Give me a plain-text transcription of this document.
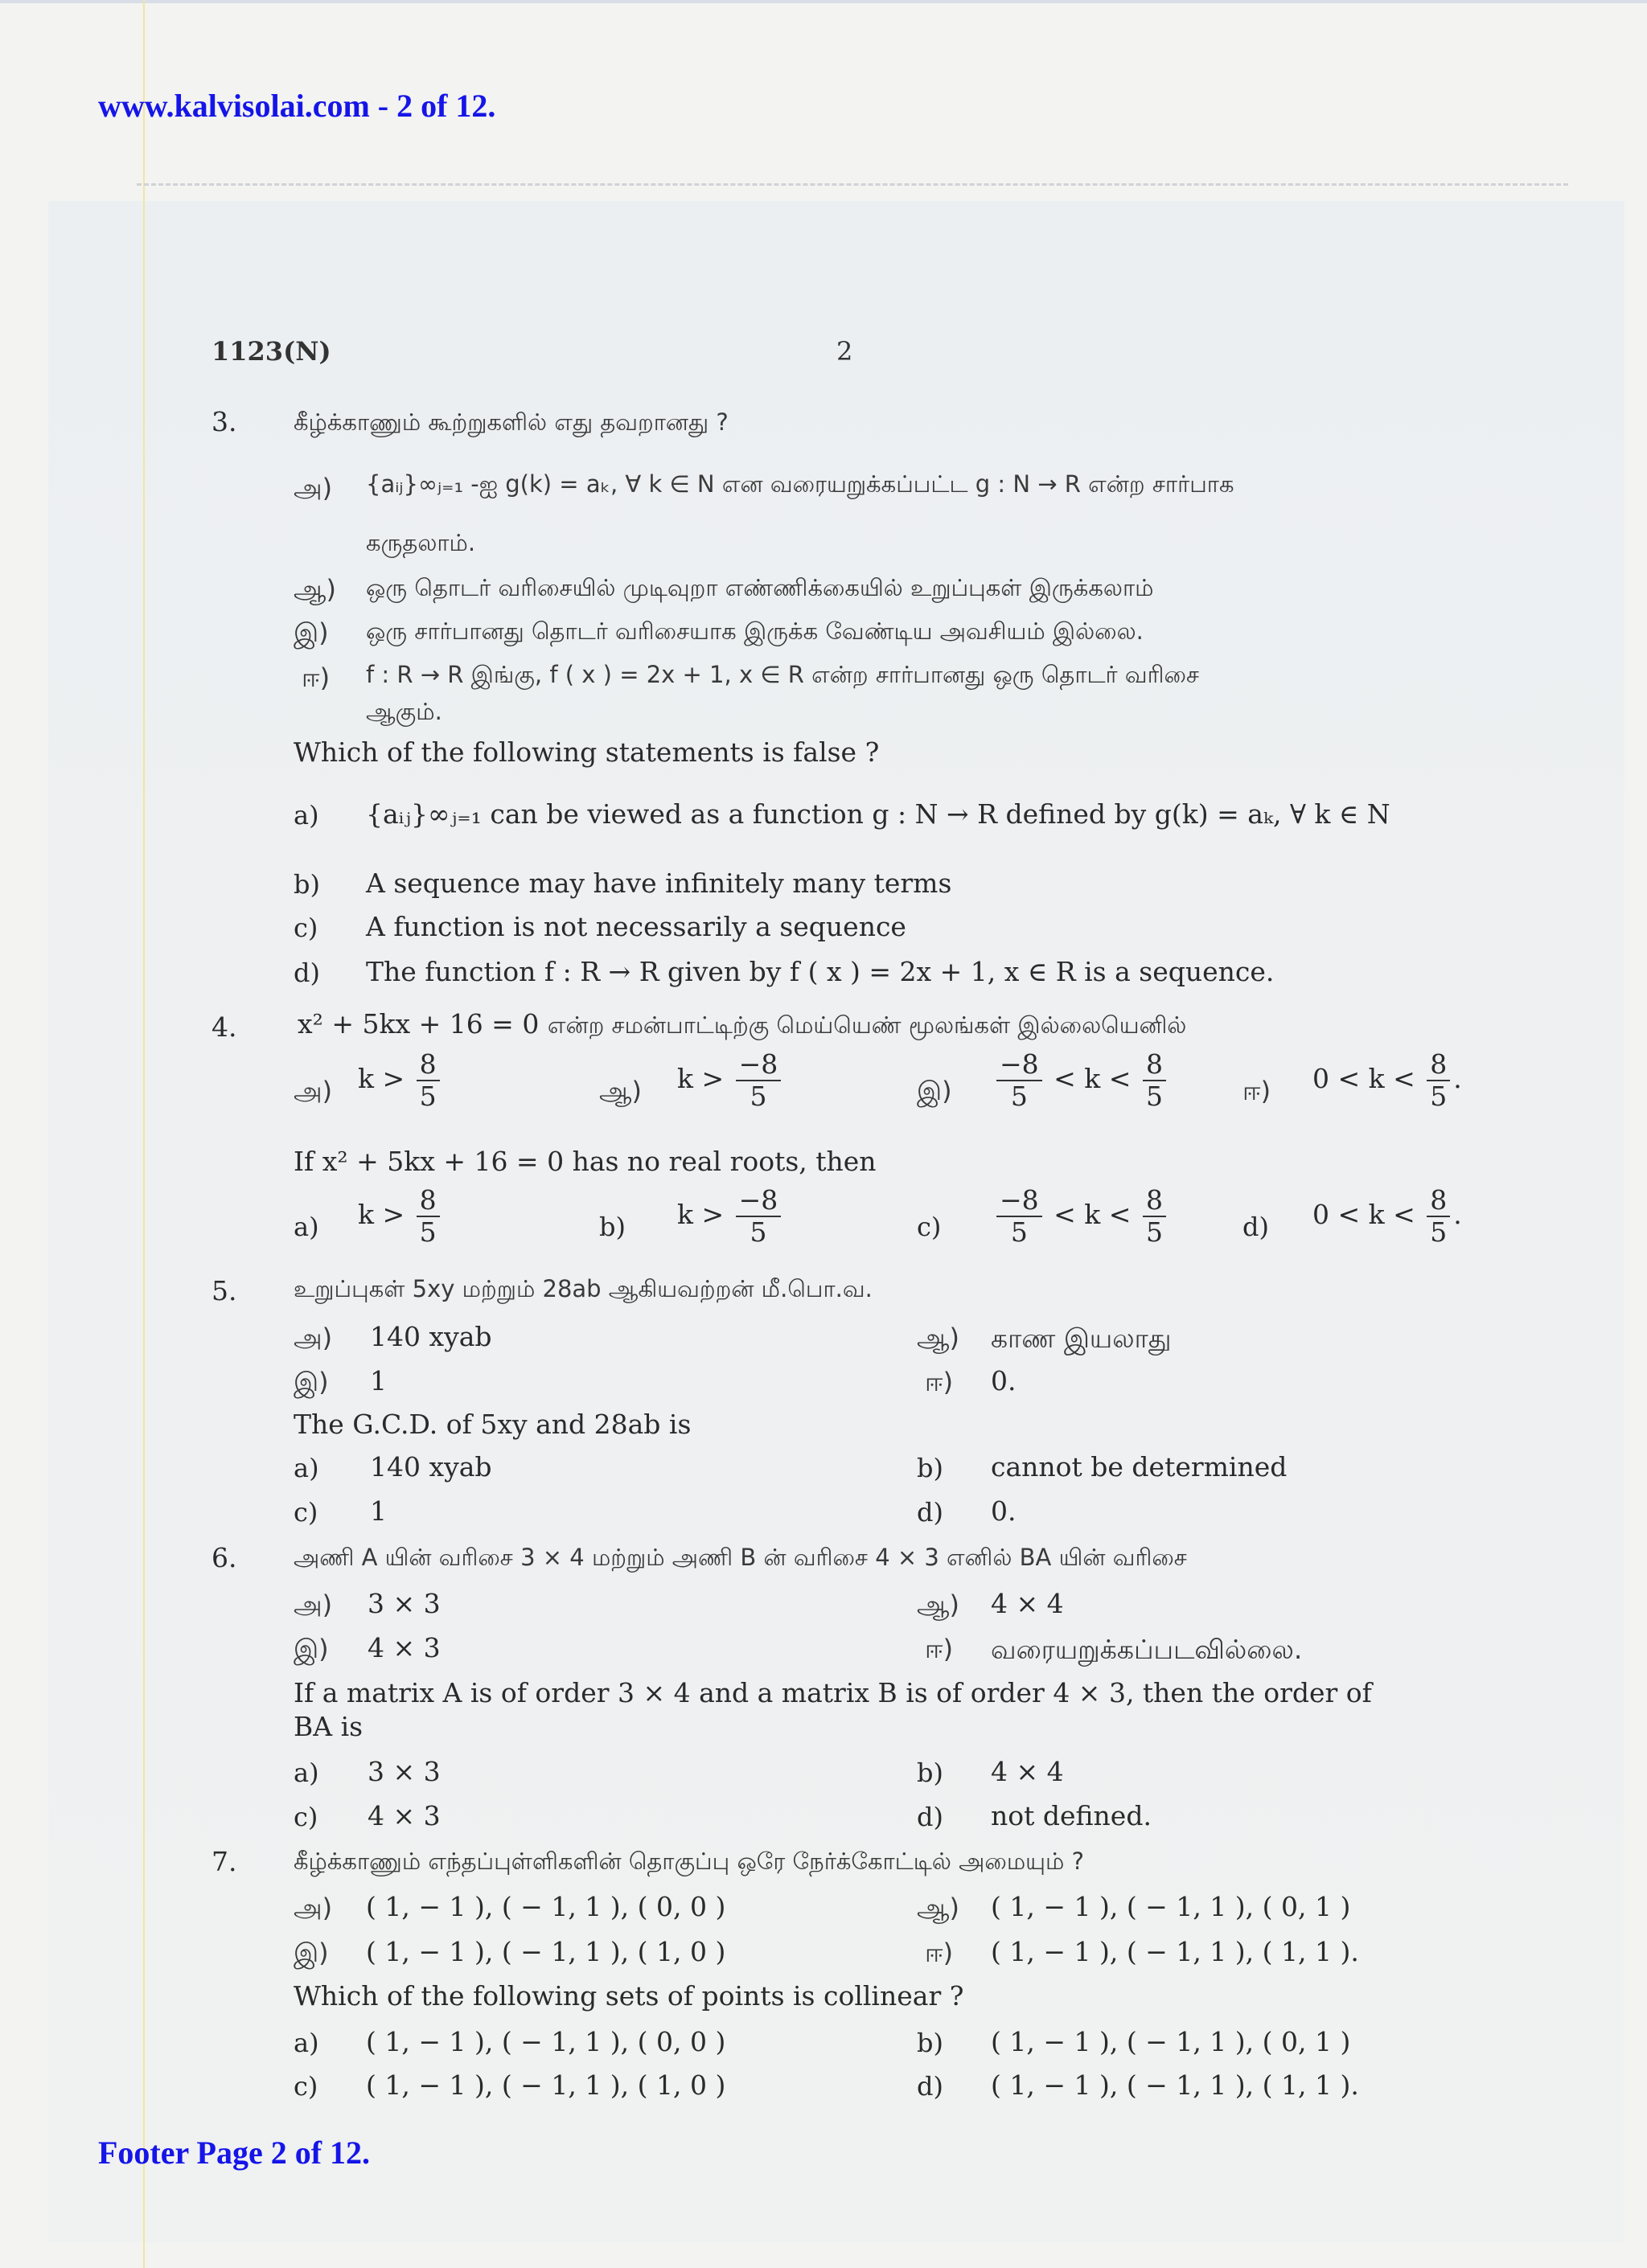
www.kalvisolai.com - 2 of 12.
1123(N)	2
3. கீழ்க்காணும் கூற்றுகளில் எது தவறானது ?
அ) {aᵢⱼ}∞ⱼ₌₁ -ஐ g(k) = aₖ, ∀ k ∈ N என வரையறுக்கப்பட்ட g : N → R என்ற சார்பாக
கருதலாம்.
ஆ) ஒரு தொடர் வரிசையில் முடிவுறா எண்ணிக்கையில் உறுப்புகள் இருக்கலாம்
இ) ஒரு சார்பானது தொடர் வரிசையாக இருக்க வேண்டிய அவசியம் இல்லை.
ஈ) f : R → R இங்கு, f ( x ) = 2x + 1, x ∈ R என்ற சார்பானது ஒரு தொடர் வரிசை
ஆகும்.
Which of the following statements is false ?
a) {aᵢⱼ}∞ⱼ₌₁ can be viewed as a function g : N → R defined by g(k) = aₖ, ∀ k ∈ N
b) A sequence may have infinitely many terms
c) A function is not necessarily a sequence
d) The function f : R → R given by f ( x ) = 2x + 1, x ∈ R is a sequence.
4. x² + 5kx + 16 = 0 என்ற சமன்பாட்டிற்கு மெய்யெண் மூலங்கள் இல்லையெனில்
அ) $k > \frac{8}{5}$	ஆ) $k > \frac{-8}{5}$	இ) $\frac{-8}{5} < k < \frac{8}{5}$	ஈ) $0 < k < \frac{8}{5}$ .
If x² + 5kx + 16 = 0 has no real roots, then
a) $k > \frac{8}{5}$	b) $k > \frac{-8}{5}$	$c) \frac{-8}{5} < k < \frac{8}{5}$	d) $0 < k < \frac{8}{5}$ .
5. உறுப்புகள் 5xy மற்றும் 28ab ஆகியவற்றன் மீ.பொ.வ.
அ) 140 xyab	ஆ) காண இயலாது
இ) 1	ஈ) 0.
The G.C.D. of 5xy and 28ab is
a) 140 xyab	b) cannot be determined
c) 1	d) 0.
6. அணி A யின் வரிசை 3 × 4 மற்றும் அணி B ன் வரிசை 4 × 3 எனில் BA யின் வரிசை
அ) 3 × 3	ஆ) 4 × 4
இ) 4 × 3	ஈ) வரையறுக்கப்படவில்லை.
If a matrix A is of order 3 × 4 and a matrix B is of order 4 × 3, then the order of
BA is
a) 3 × 3	b) 4 × 4
c) 4 × 3	d) not defined.
7. கீழ்க்காணும் எந்தப்புள்ளிகளின் தொகுப்பு ஒரே நேர்க்கோட்டில் அமையும் ?
அ) ( 1, − 1 ), ( − 1, 1 ), ( 0, 0 )	ஆ) ( 1, − 1 ), ( − 1, 1 ), ( 0, 1 )
இ) ( 1, − 1 ), ( − 1, 1 ), ( 1, 0 )	ஈ) ( 1, − 1 ), ( − 1, 1 ), ( 1, 1 ).
Which of the following sets of points is collinear ?
a) ( 1, − 1 ), ( − 1, 1 ), ( 0, 0 )	b) ( 1, − 1 ), ( − 1, 1 ), ( 0, 1 )
c) ( 1, − 1 ), ( − 1, 1 ), ( 1, 0 )	d) ( 1, − 1 ), ( − 1, 1 ), ( 1, 1 ).
Footer Page 2 of 12.
